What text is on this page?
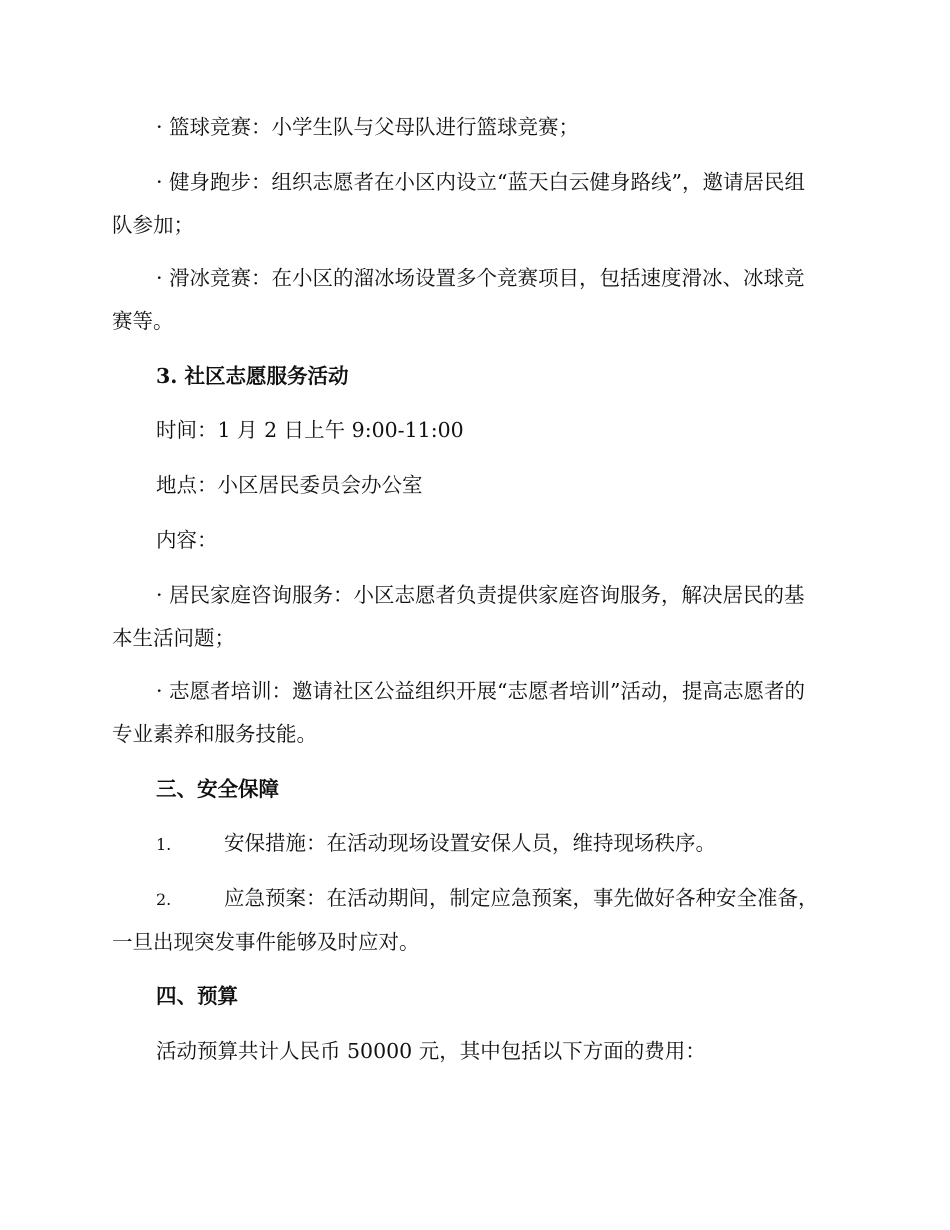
· 篮球竞赛：小学生队与父母队进行篮球竞赛；

· 健身跑步：组织志愿者在小区内设立“蓝天白云健身路线”，邀请居民组队参加；

· 滑冰竞赛：在小区的溜冰场设置多个竞赛项目，包括速度滑冰、冰球竞赛等。

3. 社区志愿服务活动

时间：1 月 2 日上午 9:00-11:00

地点：小区居民委员会办公室

内容：

· 居民家庭咨询服务：小区志愿者负责提供家庭咨询服务，解决居民的基本生活问题；

· 志愿者培训：邀请社区公益组织开展“志愿者培训”活动，提高志愿者的专业素养和服务技能。

三、安全保障

1.	安保措施：在活动现场设置安保人员，维持现场秩序。

2.	应急预案：在活动期间，制定应急预案，事先做好各种安全准备，一旦出现突发事件能够及时应对。

四、预算

活动预算共计人民币 50000 元，其中包括以下方面的费用：
